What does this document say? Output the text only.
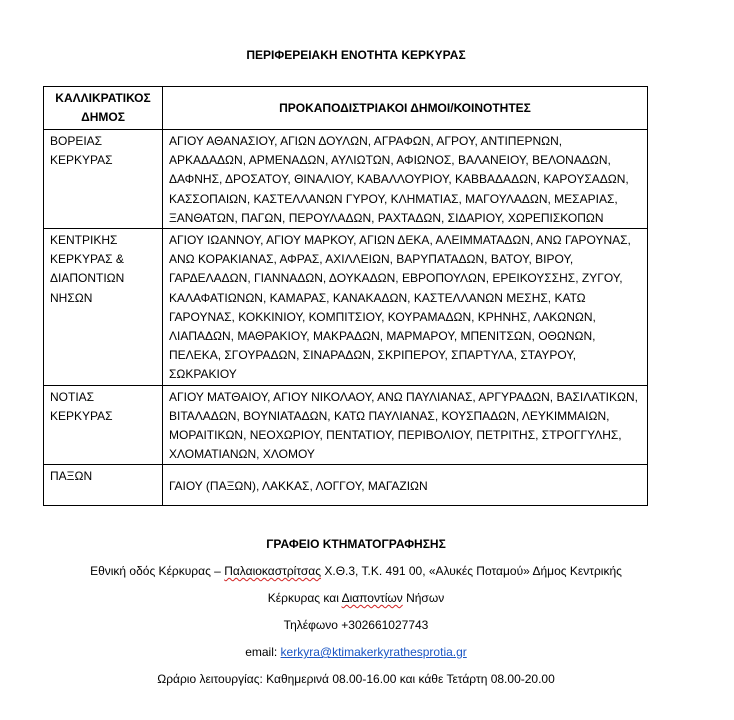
ΠΕΡΙΦΕΡΕΙΑΚΗ ΕΝΟΤΗΤΑ ΚΕΡΚΥΡΑΣ
ΚΑΛΛΙΚΡΑΤΙΚΟΣ ΔΗΜΟΣ	ΠΡΟΚΑΠΟΔΙΣΤΡΙΑΚΟΙ ΔΗΜΟΙ/ΚΟΙΝΟΤΗΤΕΣ
ΒΟΡΕΙΑΣ ΚΕΡΚΥΡΑΣ	ΑΓΙΟΥ ΑΘΑΝΑΣΙΟΥ, ΑΓΙΩΝ ΔΟΥΛΩΝ, ΑΓΡΑΦΩΝ, ΑΓΡΟΥ, ΑΝΤΙΠΕΡΝΩΝ, ΑΡΚΑΔΑΔΩΝ, ΑΡΜΕΝΑΔΩΝ, ΑΥΛΙΩΤΩΝ, ΑΦΙΩΝΟΣ, ΒΑΛΑΝΕΙΟΥ, ΒΕΛΟΝΑΔΩΝ, ΔΑΦΝΗΣ, ΔΡΟΣΑΤΟΥ, ΘΙΝΑΛΙΟΥ, ΚΑΒΑΛΛΟΥΡΙΟΥ, ΚΑΒΒΑΔΑΔΩΝ, ΚΑΡΟΥΣΑΔΩΝ, ΚΑΣΣΟΠΑΙΩΝ, ΚΑΣΤΕΛΛΑΝΩΝ ΓΥΡΟΥ, ΚΛΗΜΑΤΙΑΣ, ΜΑΓΟΥΛΑΔΩΝ, ΜΕΣΑΡΙΑΣ, ΞΑΝΘΑΤΩΝ, ΠΑΓΩΝ, ΠΕΡΟΥΛΑΔΩΝ, ΡΑΧΤΑΔΩΝ, ΣΙΔΑΡΙΟΥ, ΧΩΡΕΠΙΣΚΟΠΩΝ
ΚΕΝΤΡΙΚΗΣ ΚΕΡΚΥΡΑΣ & ΔΙΑΠΟΝΤΙΩΝ ΝΗΣΩΝ	ΑΓΙΟΥ ΙΩΑΝΝΟΥ, ΑΓΙΟΥ ΜΑΡΚΟΥ, ΑΓΙΩΝ ΔΕΚΑ, ΑΛΕΙΜΜΑΤΑΔΩΝ, ΑΝΩ ΓΑΡΟΥΝΑΣ, ΑΝΩ ΚΟΡΑΚΙΑΝΑΣ, ΑΦΡΑΣ, ΑΧΙΛΛΕΙΩΝ, ΒΑΡΥΠΑΤΑΔΩΝ, ΒΑΤΟΥ, ΒΙΡΟΥ, ΓΑΡΔΕΛΑΔΩΝ, ΓΙΑΝΝΑΔΩΝ, ΔΟΥΚΑΔΩΝ, ΕΒΡΟΠΟΥΛΩΝ, ΕΡΕΙΚΟΥΣΣΗΣ, ΖΥΓΟΥ, ΚΑΛΑΦΑΤΙΩΝΩΝ, ΚΑΜΑΡΑΣ, ΚΑΝΑΚΑΔΩΝ, ΚΑΣΤΕΛΛΑΝΩΝ ΜΕΣΗΣ, ΚΑΤΩ ΓΑΡΟΥΝΑΣ, ΚΟΚΚΙΝΙΟΥ, ΚΟΜΠΙΤΣΙΟΥ, ΚΟΥΡΑΜΑΔΩΝ, ΚΡΗΝΗΣ, ΛΑΚΩΝΩΝ, ΛΙΑΠΑΔΩΝ, ΜΑΘΡΑΚΙΟΥ, ΜΑΚΡΑΔΩΝ, ΜΑΡΜΑΡΟΥ, ΜΠΕΝΙΤΣΩΝ, ΟΘΩΝΩΝ, ΠΕΛΕΚΑ, ΣΓΟΥΡΑΔΩΝ, ΣΙΝΑΡΑΔΩΝ, ΣΚΡΙΠΕΡΟΥ, ΣΠΑΡΤΥΛΑ, ΣΤΑΥΡΟΥ, ΣΩΚΡΑΚΙΟΥ
ΝΟΤΙΑΣ ΚΕΡΚΥΡΑΣ	ΑΓΙΟΥ ΜΑΤΘΑΙΟΥ, ΑΓΙΟΥ ΝΙΚΟΛΑΟΥ, ΑΝΩ ΠΑΥΛΙΑΝΑΣ, ΑΡΓΥΡΑΔΩΝ, ΒΑΣΙΛΑΤΙΚΩΝ, ΒΙΤΑΛΑΔΩΝ, ΒΟΥΝΙΑΤΑΔΩΝ, ΚΑΤΩ ΠΑΥΛΙΑΝΑΣ, ΚΟΥΣΠΑΔΩΝ, ΛΕΥΚΙΜΜΑΙΩΝ, ΜΟΡΑΙΤΙΚΩΝ, ΝΕΟΧΩΡΙΟΥ, ΠΕΝΤΑΤΙΟΥ, ΠΕΡΙΒΟΛΙΟΥ, ΠΕΤΡΙΤΗΣ, ΣΤΡΟΓΓΥΛΗΣ, ΧΛΟΜΑΤΙΑΝΩΝ, ΧΛΟΜΟΥ
ΠΑΞΩΝ	ΓΑΙΟΥ (ΠΑΞΩΝ), ΛΑΚΚΑΣ, ΛΟΓΓΟΥ, ΜΑΓΑΖΙΩΝ
ΓΡΑΦΕΙΟ ΚΤΗΜΑΤΟΓΡΑΦΗΣΗΣ
Εθνική οδός Κέρκυρας – Παλαιοκαστρίτσας Χ.Θ.3, Τ.Κ. 491 00, «Αλυκές Ποταμού» Δήμος Κεντρικής
Κέρκυρας και Διαποντίων Νήσων
Τηλέφωνο +302661027743
email: kerkyra@ktimakerkyrathesprotia.gr
Ωράριο λειτουργίας: Καθημερινά 08.00-16.00 και κάθε Τετάρτη 08.00-20.00
